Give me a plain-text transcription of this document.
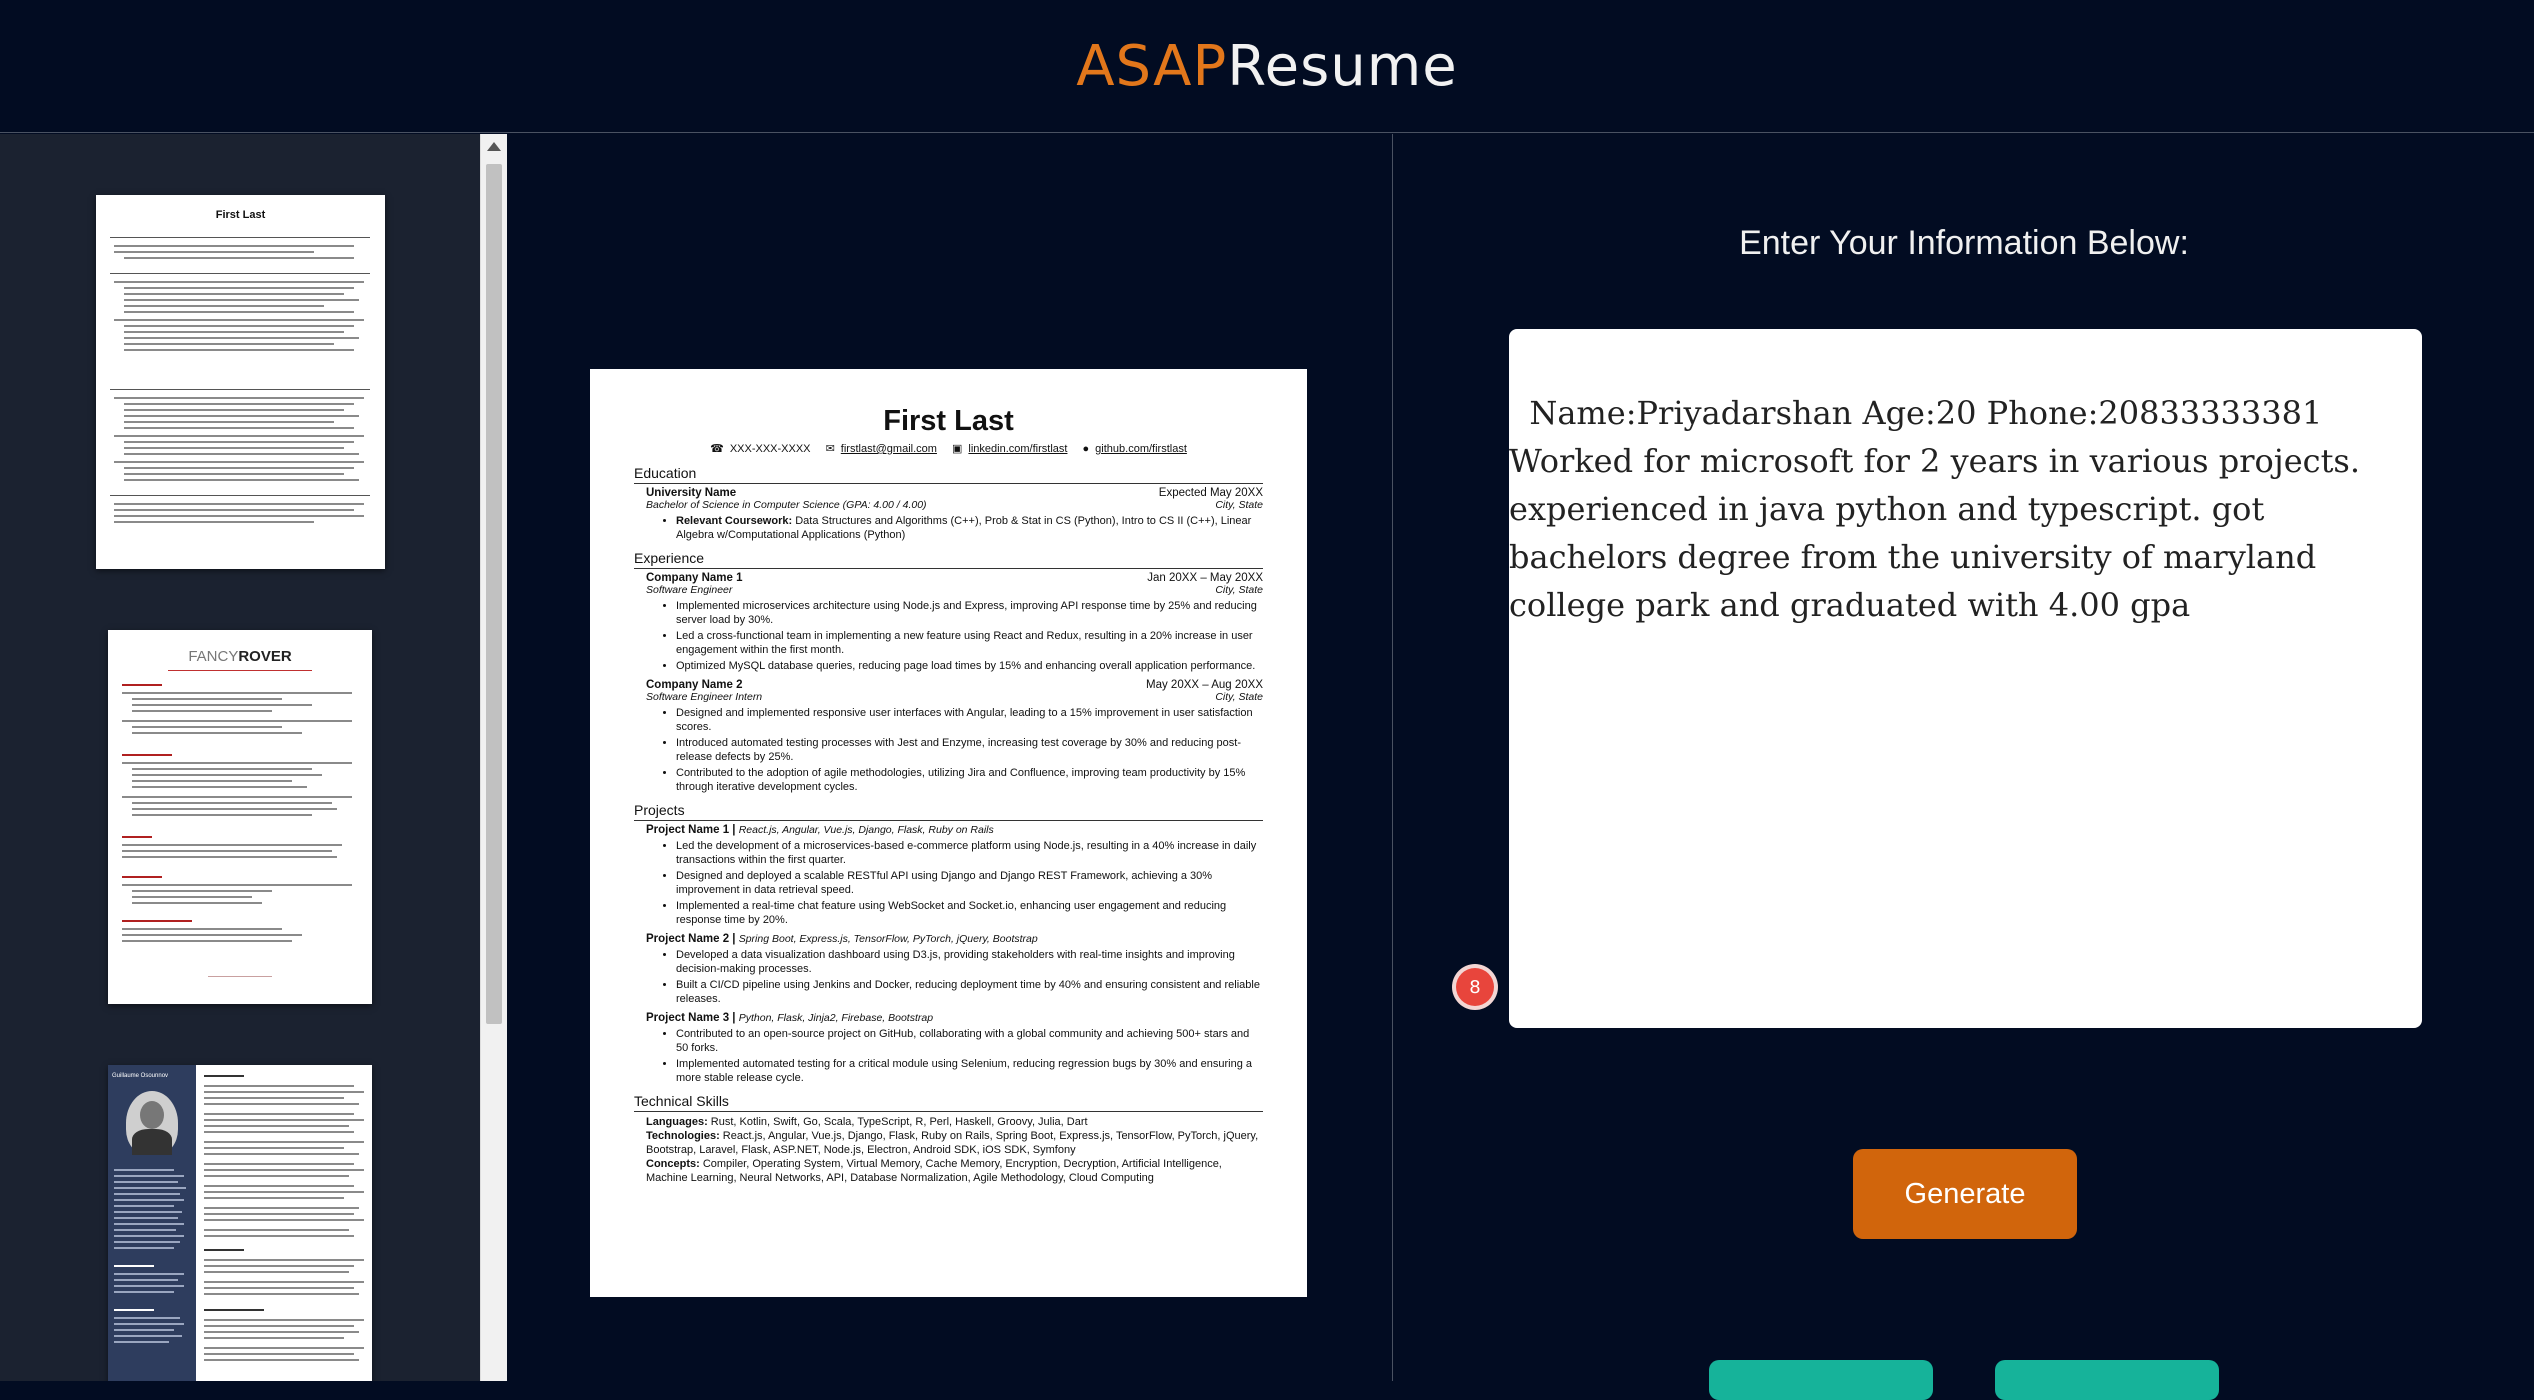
ASAPResume
First Last
FANCYROVER
Guillaume Osounnov
First Last
☎ XXX-XXX-XXXX ✉ firstlast@gmail.com ▣ linkedin.com/firstlast ● github.com/firstlast
Education
University Name	Expected May 20XX
Bachelor of Science in Computer Science (GPA: 4.00 / 4.00)	City, State
• Relevant Coursework: Data Structures and Algorithms (C++), Prob & Stat in CS (Python), Intro to CS II (C++), Linear Algebra w/Computational Applications (Python)
Experience
Company Name 1	Jan 20XX – May 20XX
Software Engineer	City, State
• Implemented microservices architecture using Node.js and Express, improving API response time by 25% and reducing server load by 30%.
• Led a cross-functional team in implementing a new feature using React and Redux, resulting in a 20% increase in user engagement within the first month.
• Optimized MySQL database queries, reducing page load times by 15% and enhancing overall application performance.
Company Name 2	May 20XX – Aug 20XX
Software Engineer Intern	City, State
• Designed and implemented responsive user interfaces with Angular, leading to a 15% improvement in user satisfaction scores.
• Introduced automated testing processes with Jest and Enzyme, increasing test coverage by 30% and reducing post-release defects by 25%.
• Contributed to the adoption of agile methodologies, utilizing Jira and Confluence, improving team productivity by 15% through iterative development cycles.
Projects
Project Name 1 | React.js, Angular, Vue.js, Django, Flask, Ruby on Rails
• Led the development of a microservices-based e-commerce platform using Node.js, resulting in a 40% increase in daily transactions within the first quarter.
• Designed and deployed a scalable RESTful API using Django and Django REST Framework, achieving a 30% improvement in data retrieval speed.
• Implemented a real-time chat feature using WebSocket and Socket.io, enhancing user engagement and reducing response time by 20%.
Project Name 2 | Spring Boot, Express.js, TensorFlow, PyTorch, jQuery, Bootstrap
• Developed a data visualization dashboard using D3.js, providing stakeholders with real-time insights and improving decision-making processes.
• Built a CI/CD pipeline using Jenkins and Docker, reducing deployment time by 40% and ensuring consistent and reliable releases.
Project Name 3 | Python, Flask, Jinja2, Firebase, Bootstrap
• Contributed to an open-source project on GitHub, collaborating with a global community and achieving 500+ stars and 50 forks.
• Implemented automated testing for a critical module using Selenium, reducing regression bugs by 30% and ensuring a more stable release cycle.
Technical Skills
Languages: Rust, Kotlin, Swift, Go, Scala, TypeScript, R, Perl, Haskell, Groovy, Julia, Dart
Technologies: React.js, Angular, Vue.js, Django, Flask, Ruby on Rails, Spring Boot, Express.js, TensorFlow, PyTorch, jQuery, Bootstrap, Laravel, Flask, ASP.NET, Node.js, Electron, Android SDK, iOS SDK, Symfony
Concepts: Compiler, Operating System, Virtual Memory, Cache Memory, Encryption, Decryption, Artificial Intelligence, Machine Learning, Neural Networks, API, Database Normalization, Agile Methodology, Cloud Computing
Enter Your Information Below:
Name:Priyadarshan Age:20 Phone:20833333381 Worked for microsoft for 2 years in various projects. experienced in java python and typescript. got bachelors degree from the university of maryland college park and graduated with 4.00 gpa
8
Generate
